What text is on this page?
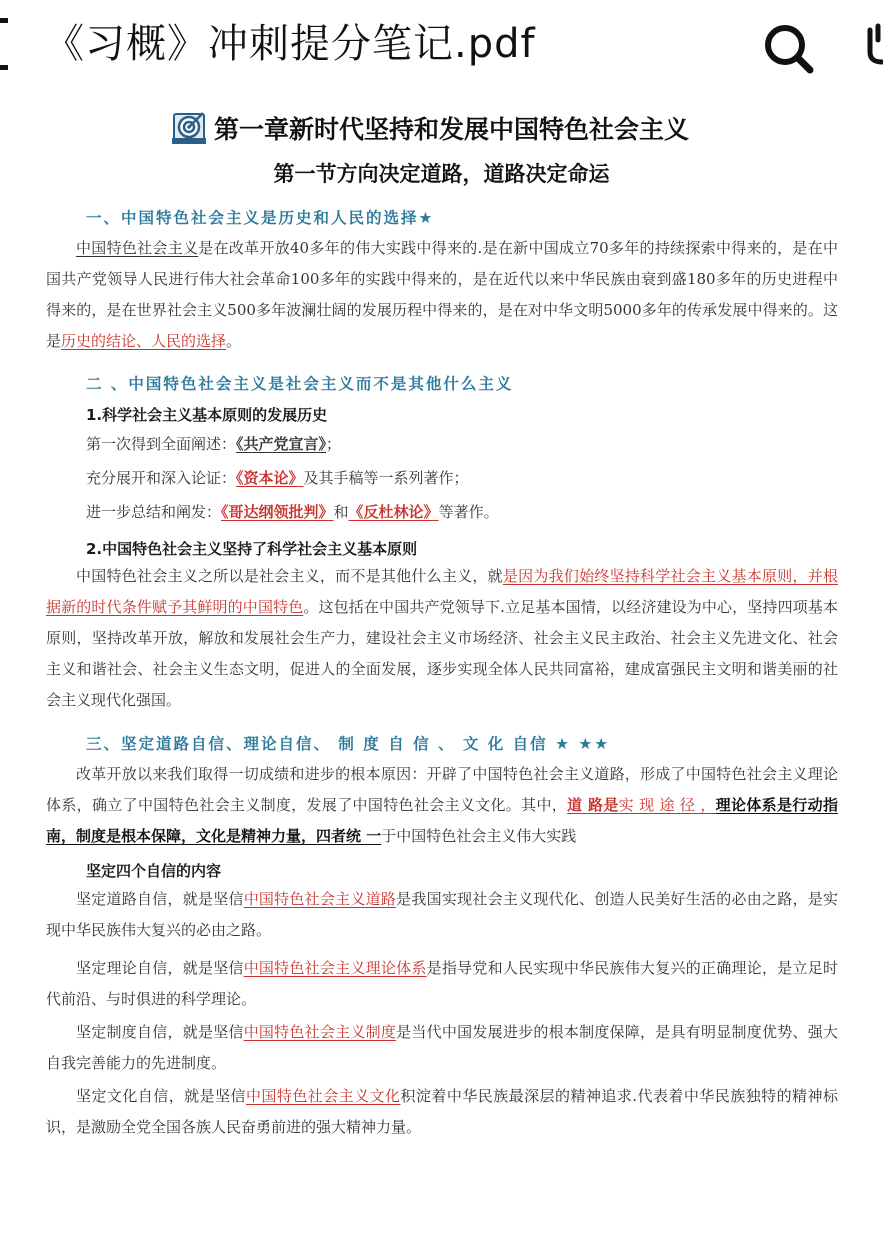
《习概》冲刺提分笔记.pdf
第一章新时代坚持和发展中国特色社会主义
第一节方向决定道路，道路决定命运
一、中国特色社会主义是历史和人民的选择★
中国特色社会主义是在改革开放40多年的伟大实践中得来的.是在新中国成立70多年的持续探索中得来的，是在中国共产党领导人民进行伟大社会革命100多年的实践中得来的，是在近代以来中华民族由衰到盛180多年的历史进程中得来的，是在世界社会主义500多年波澜壮阔的发展历程中得来的，是在对中华文明5000多年的传承发展中得来的。这是历史的结论、人民的选择。
二 、中国特色社会主义是社会主义而不是其他什么主义
1.科学社会主义基本原则的发展历史
第一次得到全面阐述：《共产党宣言》；
充分展开和深入论证：《资本论》及其手稿等一系列著作；
进一步总结和阐发：《哥达纲领批判》和《反杜林论》等著作。
2.中国特色社会主义坚持了科学社会主义基本原则
中国特色社会主义之所以是社会主义，而不是其他什么主义，就是因为我们始终坚持科学社会主义基本原则，并根据新的时代条件赋予其鲜明的中国特色。这包括在中国共产党领导下.立足基本国情，以经济建设为中心，坚持四项基本原则，坚持改革开放，解放和发展社会生产力，建设社会主义市场经济、社会主义民主政治、社会主义先进文化、社会主义和谐社会、社会主义生态文明，促进人的全面发展，逐步实现全体人民共同富裕，建成富强民主文明和谐美丽的社会主义现代化强国。
三、坚定道路自信、理论自信、 制 度 自 信 、 文 化 自信 ★ ★★
改革开放以来我们取得一切成绩和进步的根本原因：开辟了中国特色社会主义道路，形成了中国特色社会主义理论体系，确立了中国特色社会主义制度，发展了中国特色社会主义文化。其中，道 路是实 现 途 径 ，理论体系是行动指南，制度是根本保障，文化是精神力量，四者统 一于中国特色社会主义伟大实践
坚定四个自信的内容
坚定道路自信，就是坚信中国特色社会主义道路是我国实现社会主义现代化、创造人民美好生活的必由之路，是实现中华民族伟大复兴的必由之路。
坚定理论自信，就是坚信中国特色社会主义理论体系是指导党和人民实现中华民族伟大复兴的正确理论，是立足时代前沿、与时俱进的科学理论。
坚定制度自信，就是坚信中国特色社会主义制度是当代中国发展进步的根本制度保障，是具有明显制度优势、强大自我完善能力的先进制度。
坚定文化自信，就是坚信中国特色社会主义文化积淀着中华民族最深层的精神追求.代表着中华民族独特的精神标识，是激励全党全国各族人民奋勇前进的强大精神力量。
